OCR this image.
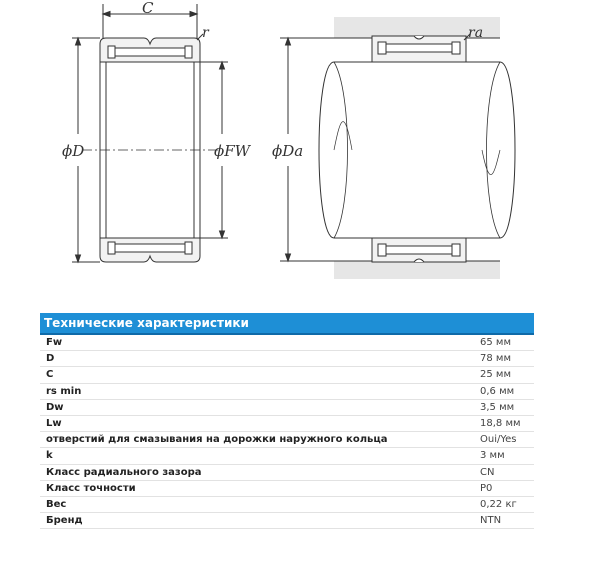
C
r
ϕD	ϕFW ϕDa
ra
Технические характеристики
Fw	65 мм
D	78 мм
C	25 мм
rs min	0,6 мм
Dw	3,5 мм
Lw	18,8 мм
отверстий для смазывания на дорожки наружного кольца	Oui/Yes
k	3 мм
Класс радиального зазора	CN
Класс точности	P0
Вес	0,22 кг
Бренд	NTN
